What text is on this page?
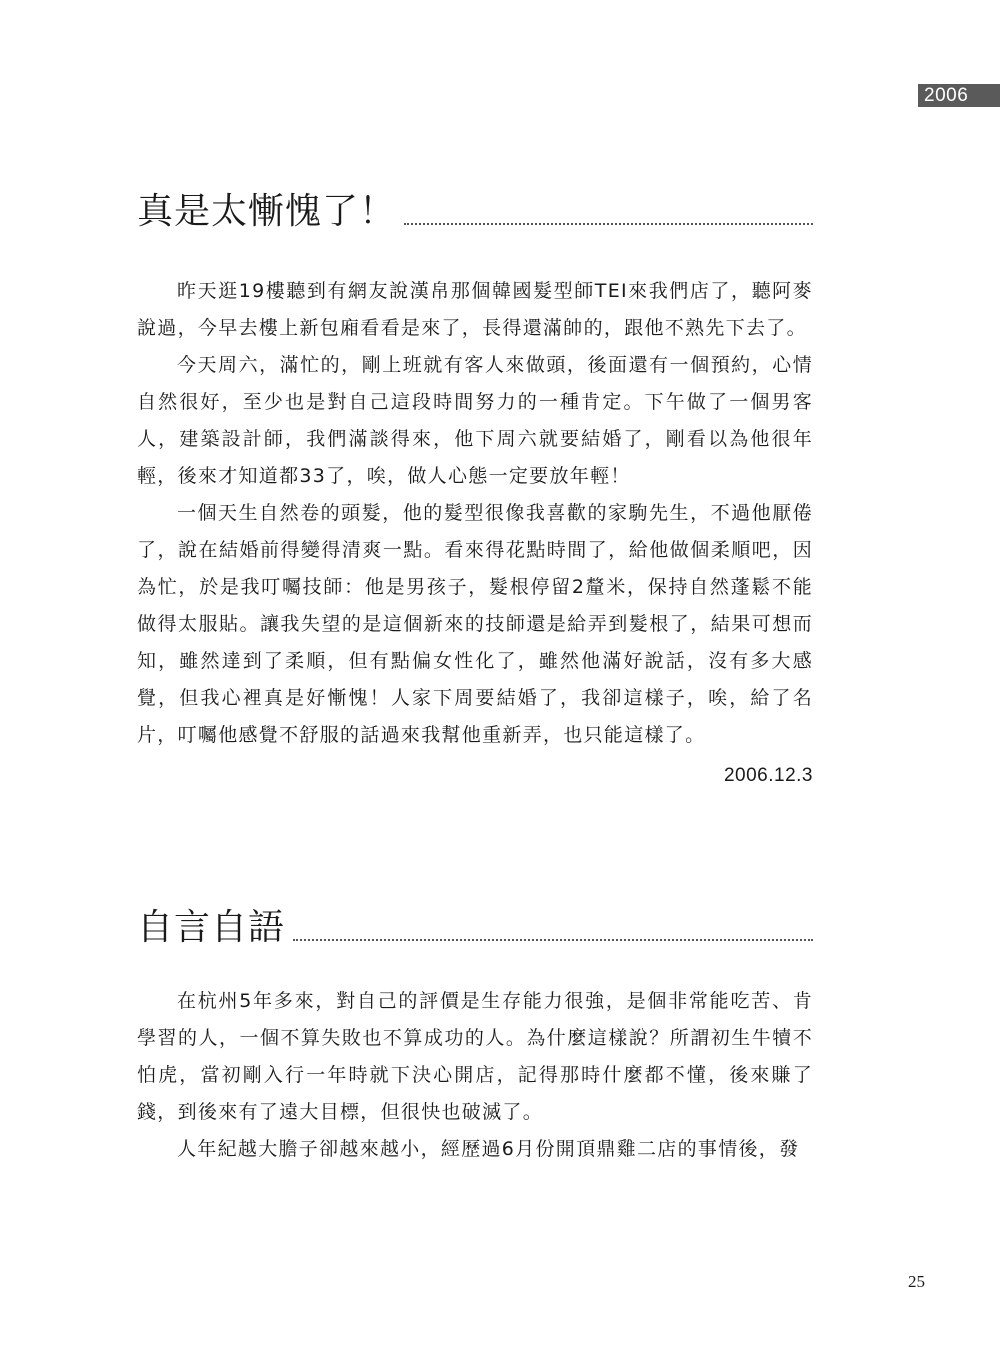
2006
真是太慚愧了！

昨天逛19樓聽到有網友說漢帛那個韓國髮型師TEI來我們店了，聽阿麥說過，今早去樓上新包廂看看是來了，長得還滿帥的，跟他不熟先下去了。

今天周六，滿忙的，剛上班就有客人來做頭，後面還有一個預約，心情自然很好，至少也是對自己這段時間努力的一種肯定。下午做了一個男客人，建築設計師，我們滿談得來，他下周六就要結婚了，剛看以為他很年輕，後來才知道都33了，唉，做人心態一定要放年輕！

一個天生自然卷的頭髮，他的髮型很像我喜歡的家駒先生，不過他厭倦了，說在結婚前得變得清爽一點。看來得花點時間了，給他做個柔順吧，因為忙，於是我叮囑技師：他是男孩子，髮根停留2釐米，保持自然蓬鬆不能做得太服貼。讓我失望的是這個新來的技師還是給弄到髮根了，結果可想而知，雖然達到了柔順，但有點偏女性化了，雖然他滿好說話，沒有多大感覺，但我心裡真是好慚愧！人家下周要結婚了，我卻這樣子，唉，給了名片，叮囑他感覺不舒服的話過來我幫他重新弄，也只能這樣了。

2006.12.3
自言自語

在杭州5年多來，對自己的評價是生存能力很強，是個非常能吃苦、肯學習的人，一個不算失敗也不算成功的人。為什麼這樣說？所謂初生牛犢不怕虎，當初剛入行一年時就下決心開店，記得那時什麼都不懂，後來賺了錢，到後來有了遠大目標，但很快也破滅了。

人年紀越大膽子卻越來越小，經歷過6月份開頂鼎雞二店的事情後，發

25
